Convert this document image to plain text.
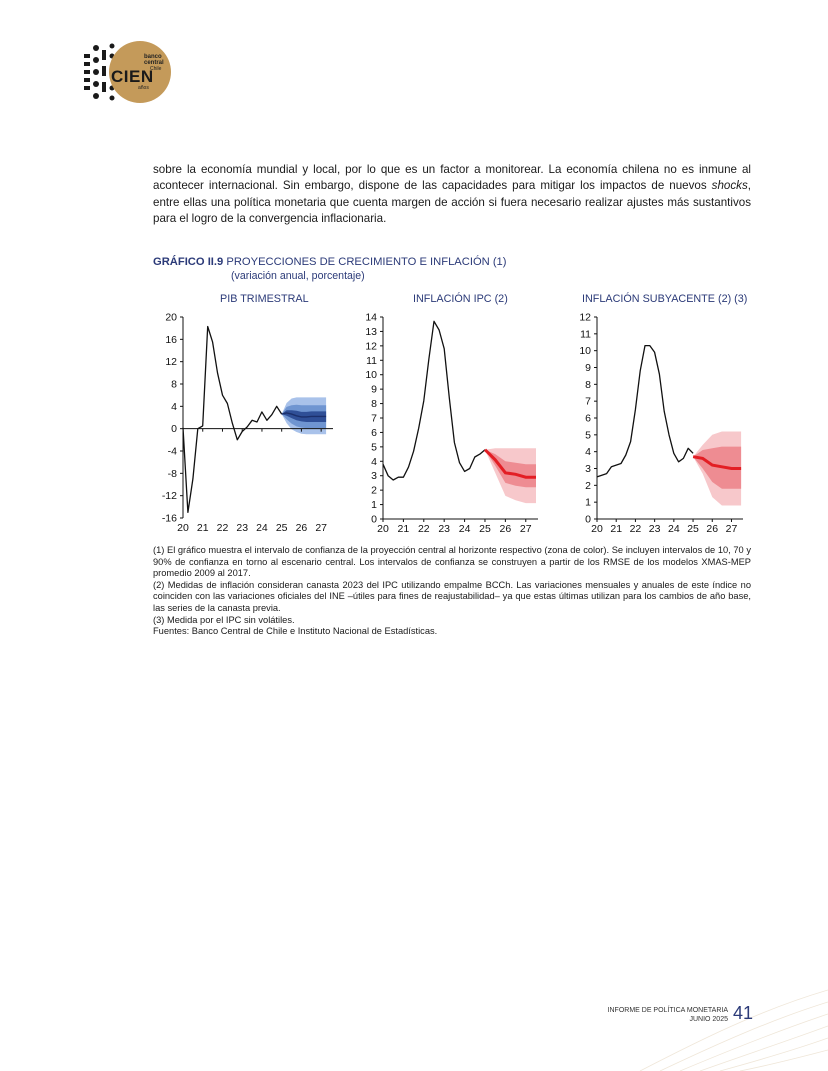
banco
central
Chile
CIEN
años

sobre la economía mundial y local, por lo que es un factor a monitorear. La economía chilena no es inmune al acontecer internacional. Sin embargo, dispone de las capacidades para mitigar los impactos de nuevos shocks, entre ellas una política monetaria que cuenta margen de acción si fuera necesario realizar ajustes más sustantivos para el logro de la convergencia inflacionaria.

GRÁFICO II.9 PROYECCIONES DE CRECIMIENTO E INFLACIÓN (1)
(variación anual, porcentaje)
PIB TRIMESTRAL	INFLACIÓN IPC (2)	INFLACIÓN SUBYACENTE (2) (3)
20
16
12
8
4
0
-4
-8
-12
-16
20 21 22 23 24 25 26 27
14
13
12
11
10
9
8
7
6
5
4
3
2
1
0
20 21 22 23 24 25 26 27
12
11
10
9
8
7
6
5
4
3
2
1
0
20 21 22 23 24 25 26 27

(1) El gráfico muestra el intervalo de confianza de la proyección central al horizonte respectivo (zona de color). Se incluyen intervalos de 10, 70 y 90% de confianza en torno al escenario central. Los intervalos de confianza se construyen a partir de los RMSE de los modelos XMAS-MEP promedio 2009 al 2017.

(2) Medidas de inflación consideran canasta 2023 del IPC utilizando empalme BCCh. Las variaciones mensuales y anuales de este índice no coinciden con las variaciones oficiales del INE –útiles para fines de reajustabilidad– ya que estas últimas utilizan para los cambios de año base, las series de la canasta previa.

(3) Medida por el IPC sin volátiles.

Fuentes: Banco Central de Chile e Instituto Nacional de Estadísticas.

INFORME DE POLÍTICA MONETARIA
JUNIO 2025 41
